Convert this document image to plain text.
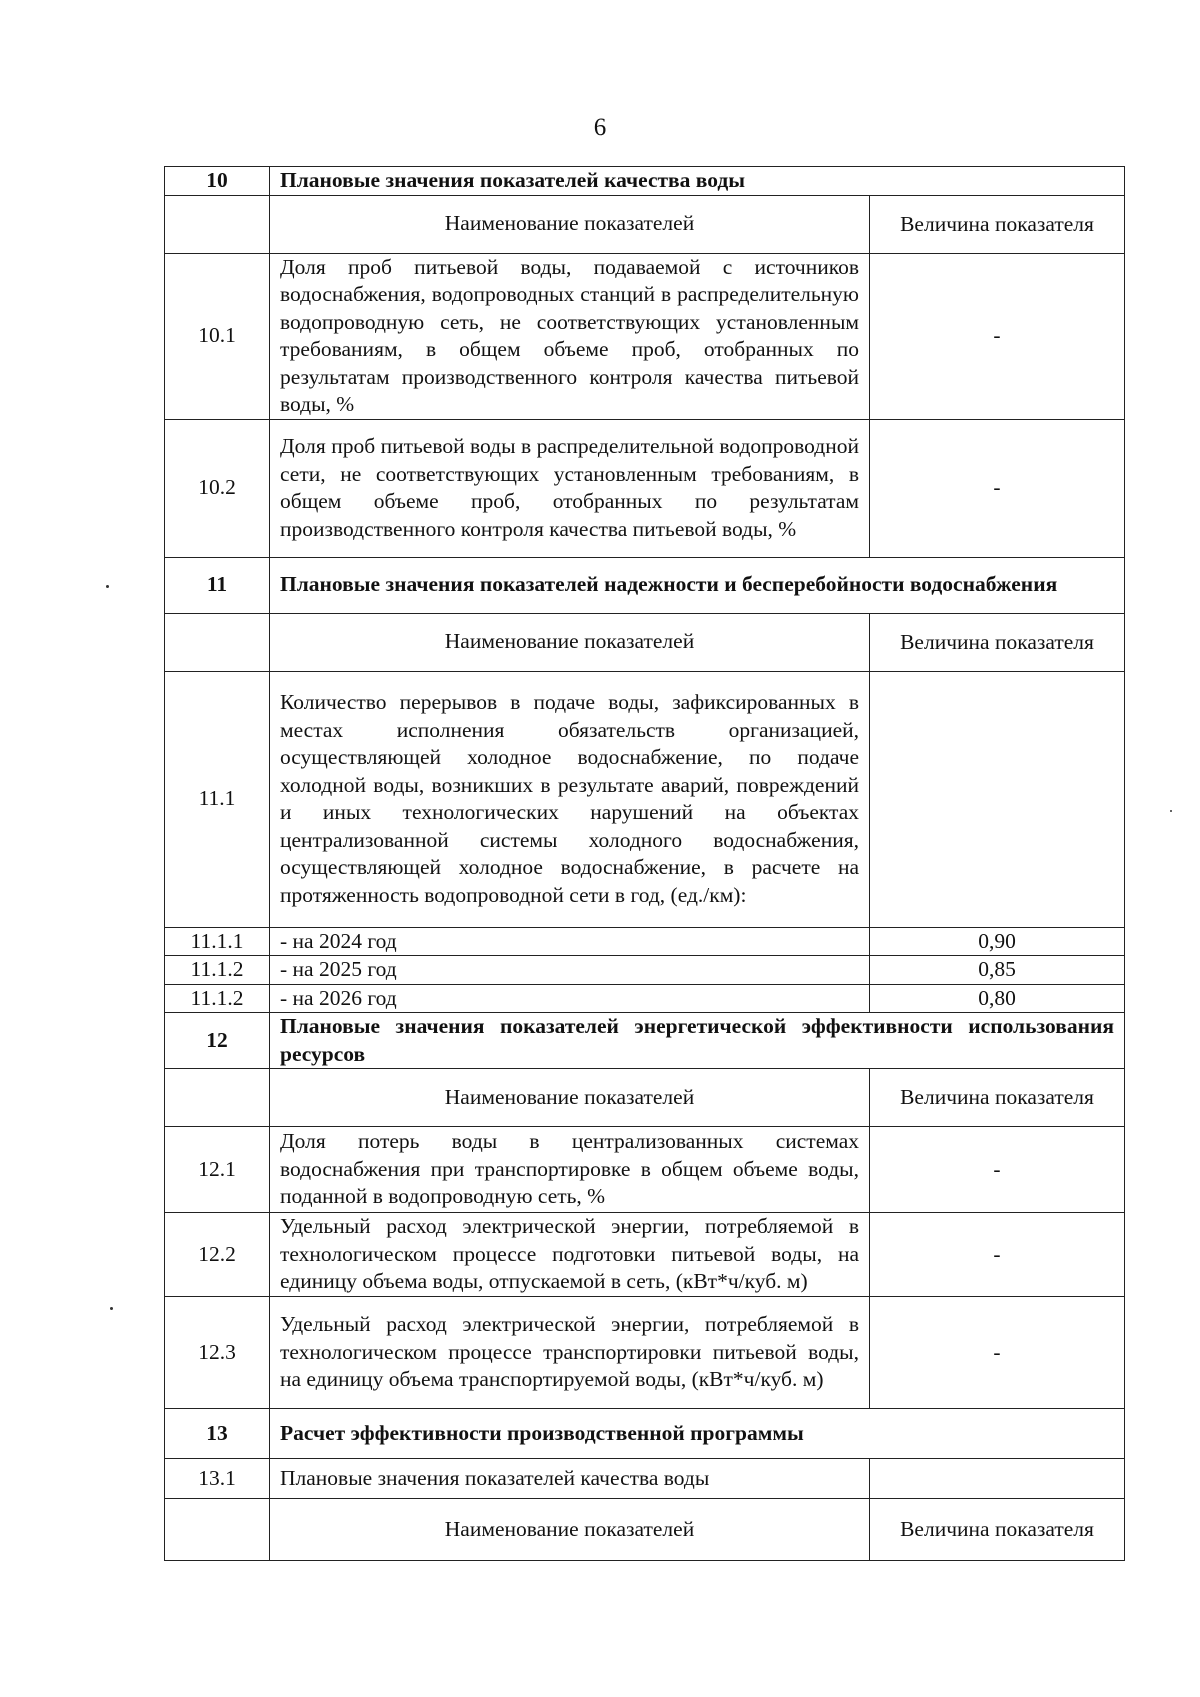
6
10	Плановые значения показателей качества воды	
	Наименование показателей	Величина показателя
10.1	Доля проб питьевой воды, подаваемой с источников водоснабжения, водопроводных станций в распределительную водопроводную сеть, не соответствующих установленным требованиям, в общем объеме проб, отобранных по результатам производственного контроля качества питьевой воды, %	-
10.2	Доля проб питьевой воды в распределительной водопроводной сети, не соответствующих установленным требованиям, в общем объеме проб, отобранных по результатам производственного контроля качества питьевой воды, %	-
11	Плановые значения показателей надежности и бесперебойности водоснабжения	
	Наименование показателей	Величина показателя
11.1	Количество перерывов в подаче воды, зафиксированных в местах исполнения обязательств организацией, осуществляющей холодное водоснабжение, по подаче холодной воды, возникших в результате аварий, повреждений и иных технологических нарушений на объектах централизованной системы холодного водоснабжения, осуществляющей холодное водоснабжение, в расчете на протяженность водопроводной сети в год, (ед./км):	
11.1.1	- на 2024 год	0,90
11.1.2	- на 2025 год	0,85
11.1.2	- на 2026 год	0,80
12	Плановые значения показателей энергетической эффективности использования ресурсов	
	Наименование показателей	Величина показателя
12.1	Доля потерь воды в централизованных системах водоснабжения при транспортировке в общем объеме воды, поданной в водопроводную сеть, %	-
12.2	Удельный расход электрической энергии, потребляемой в технологическом процессе подготовки питьевой воды, на единицу объема воды, отпускаемой в сеть, (кВт*ч/куб. м)	-
12.3	Удельный расход электрической энергии, потребляемой в технологическом процессе транспортировки питьевой воды, на единицу объема транспортируемой воды, (кВт*ч/куб. м)	-
13	Расчет эффективности производственной программы	
13.1	Плановые значения показателей качества воды	
	Наименование показателей	Величина показателя
